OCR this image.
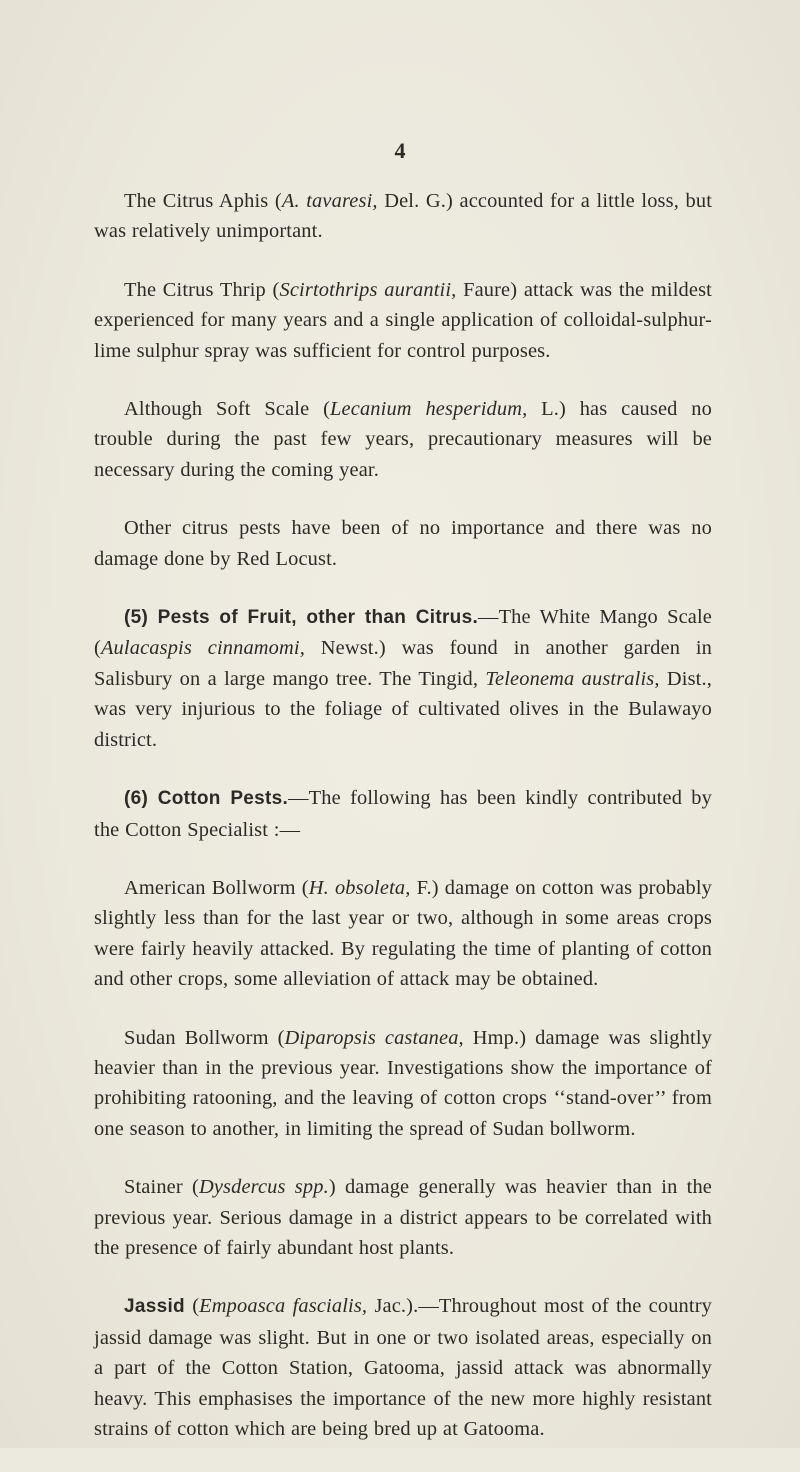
4

The Citrus Aphis (A. tavaresi, Del. G.) accounted for a little loss, but was relatively unimportant.

The Citrus Thrip (Scirtothrips aurantii, Faure) attack was the mildest experienced for many years and a single application of colloidal-sulphur-lime sulphur spray was sufficient for control purposes.

Although Soft Scale (Lecanium hesperidum, L.) has caused no trouble during the past few years, precautionary measures will be necessary during the coming year.

Other citrus pests have been of no importance and there was no damage done by Red Locust.

(5) Pests of Fruit, other than Citrus.—The White Mango Scale (Aulacaspis cinnamomi, Newst.) was found in another garden in Salisbury on a large mango tree. The Tingid, Teleonema australis, Dist., was very injurious to the foliage of cultivated olives in the Bulawayo district.

(6) Cotton Pests.—The following has been kindly contributed by the Cotton Specialist :—

American Bollworm (H. obsoleta, F.) damage on cotton was probably slightly less than for the last year or two, although in some areas crops were fairly heavily attacked. By regulating the time of planting of cotton and other crops, some alleviation of attack may be obtained.

Sudan Bollworm (Diparopsis castanea, Hmp.) damage was slightly heavier than in the previous year. Investigations show the importance of prohibiting ratooning, and the leaving of cotton crops ‘‘stand-over’’ from one season to another, in limiting the spread of Sudan bollworm.

Stainer (Dysdercus spp.) damage generally was heavier than in the previous year. Serious damage in a district appears to be correlated with the presence of fairly abundant host plants.

Jassid (Empoasca fascialis, Jac.).—Throughout most of the country jassid damage was slight. But in one or two isolated areas, especially on a part of the Cotton Station, Gatooma, jassid attack was abnormally heavy. This emphasises the importance of the new more highly resistant strains of cotton which are being bred up at Gatooma.
